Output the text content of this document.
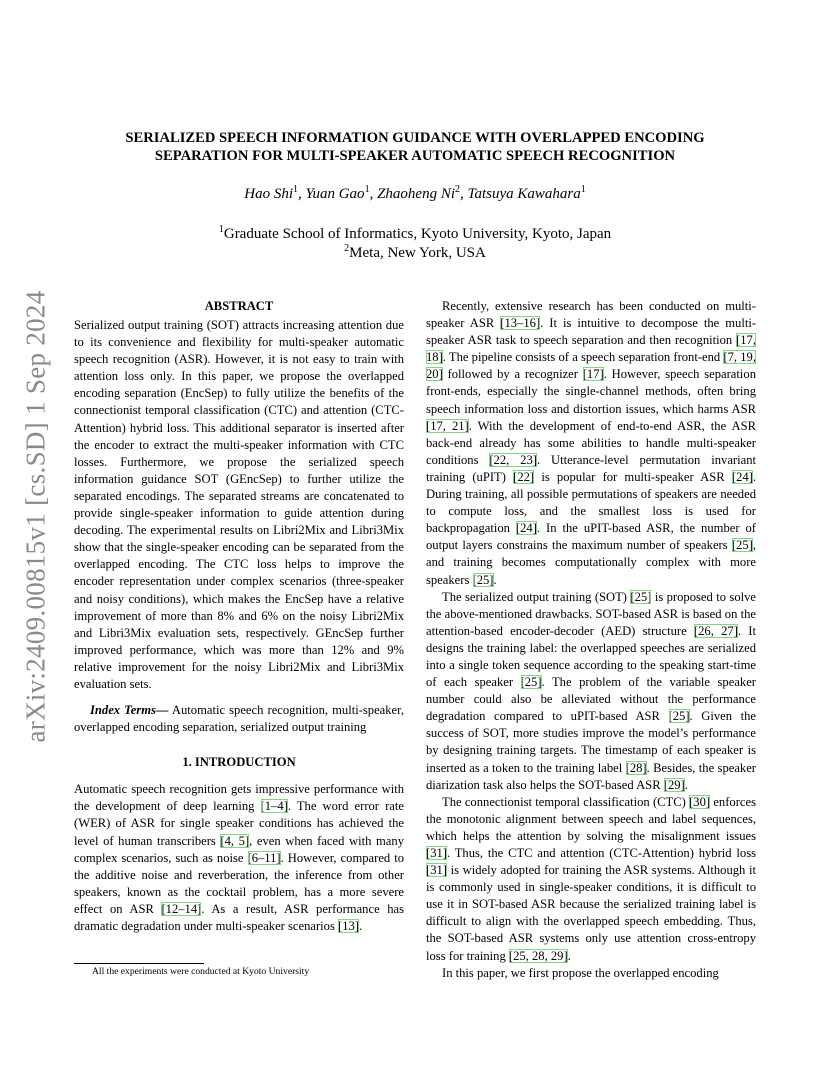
arXiv:2409.00815v1 [cs.SD] 1 Sep 2024
SERIALIZED SPEECH INFORMATION GUIDANCE WITH OVERLAPPED ENCODING
SEPARATION FOR MULTI-SPEAKER AUTOMATIC SPEECH RECOGNITION
Hao Shi$^1$, Yuan Gao$^1$, Zhaoheng Ni$^2$, Tatsuya Kawahara$^1$

$^1$Graduate School of Informatics, Kyoto University, Kyoto, Japan

$^2$Meta, New York, USA

ABSTRACT

Serialized output training (SOT) attracts increasing attention due to its convenience and flexibility for multi-speaker automatic speech recognition (ASR). However, it is not easy to train with attention loss only. In this paper, we propose the overlapped encoding separation (EncSep) to fully utilize the benefits of the connectionist temporal classification (CTC) and attention (CTC-Attention) hybrid loss. This additional separator is inserted after the encoder to extract the multi-speaker information with CTC losses. Furthermore, we propose the serialized speech information guidance SOT (GEncSep) to further utilize the separated encodings. The separated streams are concatenated to provide single-speaker information to guide attention during decoding. The experimental results on Libri2Mix and Libri3Mix show that the single-speaker encoding can be separated from the overlapped encoding. The CTC loss helps to improve the encoder representation under complex scenarios (three-speaker and noisy conditions), which makes the EncSep have a relative improvement of more than 8% and 6% on the noisy Libri2Mix and Libri3Mix evaluation sets, respectively. GEncSep further improved performance, which was more than 12% and 9% relative improvement for the noisy Libri2Mix and Libri3Mix evaluation sets.

Index Terms— Automatic speech recognition, multi-speaker, overlapped encoding separation, serialized output training

1. INTRODUCTION

Automatic speech recognition gets impressive performance with the development of deep learning [1–4]. The word error rate (WER) of ASR for single speaker conditions has achieved the level of human transcribers [4, 5], even when faced with many complex scenarios, such as noise [6–11]. However, compared to the additive noise and reverberation, the inference from other speakers, known as the cocktail problem, has a more severe effect on ASR [12–14]. As a result, ASR performance has dramatic degradation under multi-speaker scenarios [13].

Recently, extensive research has been conducted on multi-speaker ASR [13–16]. It is intuitive to decompose the multi-speaker ASR task to speech separation and then recognition [17, 18]. The pipeline consists of a speech separation front-end [7, 19, 20] followed by a recognizer [17]. However, speech separation front-ends, especially the single-channel methods, often bring speech information loss and distortion issues, which harms ASR [17, 21]. With the development of end-to-end ASR, the ASR back-end already has some abilities to handle multi-speaker conditions [22, 23]. Utterance-level permutation invariant training (uPIT) [22] is popular for multi-speaker ASR [24]. During training, all possible permutations of speakers are needed to compute loss, and the smallest loss is used for backpropagation [24]. In the uPIT-based ASR, the number of output layers constrains the maximum number of speakers [25], and training becomes computationally complex with more speakers [25].

The serialized output training (SOT) [25] is proposed to solve the above-mentioned drawbacks. SOT-based ASR is based on the attention-based encoder-decoder (AED) structure [26, 27]. It designs the training label: the overlapped speeches are serialized into a single token sequence according to the speaking start-time of each speaker [25]. The problem of the variable speaker number could also be alleviated without the performance degradation compared to uPIT-based ASR [25]. Given the success of SOT, more studies improve the model’s performance by designing training targets. The timestamp of each speaker is inserted as a token to the training label [28]. Besides, the speaker diarization task also helps the SOT-based ASR [29].

The connectionist temporal classification (CTC) [30] enforces the monotonic alignment between speech and label sequences, which helps the attention by solving the misalignment issues [31]. Thus, the CTC and attention (CTC-Attention) hybrid loss [31] is widely adopted for training the ASR systems. Although it is commonly used in single-speaker conditions, it is difficult to use it in SOT-based ASR because the serialized training label is difficult to align with the overlapped speech embedding. Thus, the SOT-based ASR systems only use attention cross-entropy loss for training [25, 28, 29].

In this paper, we first propose the overlapped encoding

All the experiments were conducted at Kyoto University
